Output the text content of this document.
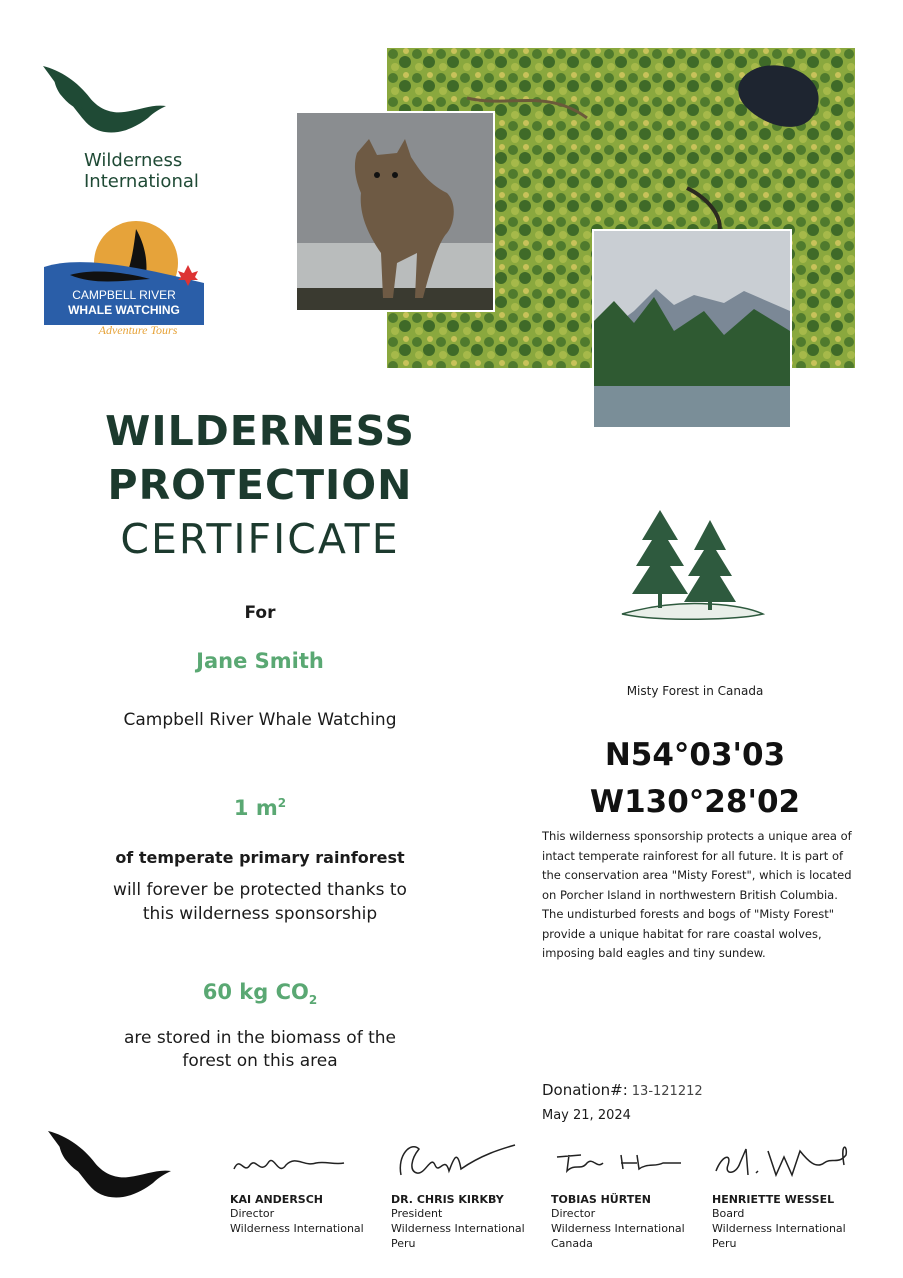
Wilderness
International
CAMPBELL RIVER
WHALE WATCHING
Adventure Tours
WILDERNESS
PROTECTION
CERTIFICATE
For
Jane Smith
Campbell River Whale Watching
1 $m^2$
of temperate primary rainforest
will forever be protected thanks to this wilderness sponsorship
60 kg $CO_2$
are stored in the biomass of the forest on this area
Misty Forest in Canada
N54°03'03
W130°28'02
This wilderness sponsorship protects a unique area of intact temperate rainforest for all future. It is part of the conservation area "Misty Forest", which is located on Porcher Island in northwestern British Columbia. The undisturbed forests and bogs of "Misty Forest" provide a unique habitat for rare coastal wolves, imposing bald eagles and tiny sundew.
Donation#: 13-121212
May 21, 2024
KAI ANDERSCH
Director
Wilderness International
DR. CHRIS KIRKBY
President
Wilderness International
Peru
TOBIAS HÜRTEN
Director
Wilderness International
Canada
HENRIETTE WESSEL
Board
Wilderness International
Peru
